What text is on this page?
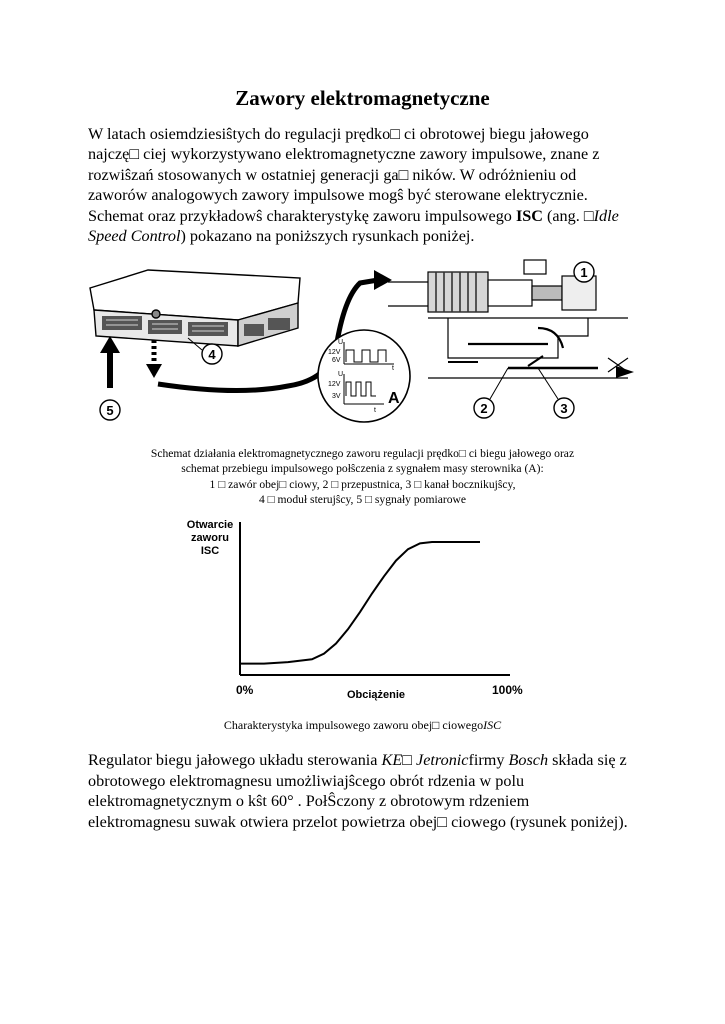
Zawory elektromagnetyczne
W latach osiemdziesiŝtych do regulacji prędko□ ci obrotowej biegu jałowego
najczę□ ciej wykorzystywano elektromagnetyczne zawory impulsowe, znane z
rozwiŝzań stosowanych w ostatniej generacji ga□ ników. W odróżnieniu od
zaworów analogowych zawory impulsowe mogŝ być sterowane elektrycznie.
Schemat oraz przykładowŝ charakterystykę zaworu impulsowego ISC (ang. □Idle
Speed Control) pokazano na poniższych rysunkach poniżej.
4
5
1
2	3
U
12V
6V
t
U
12V
3V
t
A
Schemat działania elektromagnetycznego zaworu regulacji prędko□ ci biegu jałowego oraz
schemat przebiegu impulsowego połŝczenia z sygnałem masy sterownika (A):
1 □ zawór obej□ ciowy, 2 □ przepustnica, 3 □ kanał bocznikujŝcy,
4 □ moduł sterujŝcy, 5 □ sygnały pomiarowe
Otwarcie
zaworu
ISC
0%	100%
Obciążenie
Charakterystyka impulsowego zaworu obej□ ciowegoISC
Regulator biegu jałowego układu sterowania KE□ Jetronicfirmy Bosch składa się z
obrotowego elektromagnesu umożliwiajŝcego obrót rdzenia w polu
elektromagnetycznym o kŝt 60° . PołŜczony z obrotowym rdzeniem
elektromagnesu suwak otwiera przelot powietrza obej□ ciowego (rysunek poniżej).
